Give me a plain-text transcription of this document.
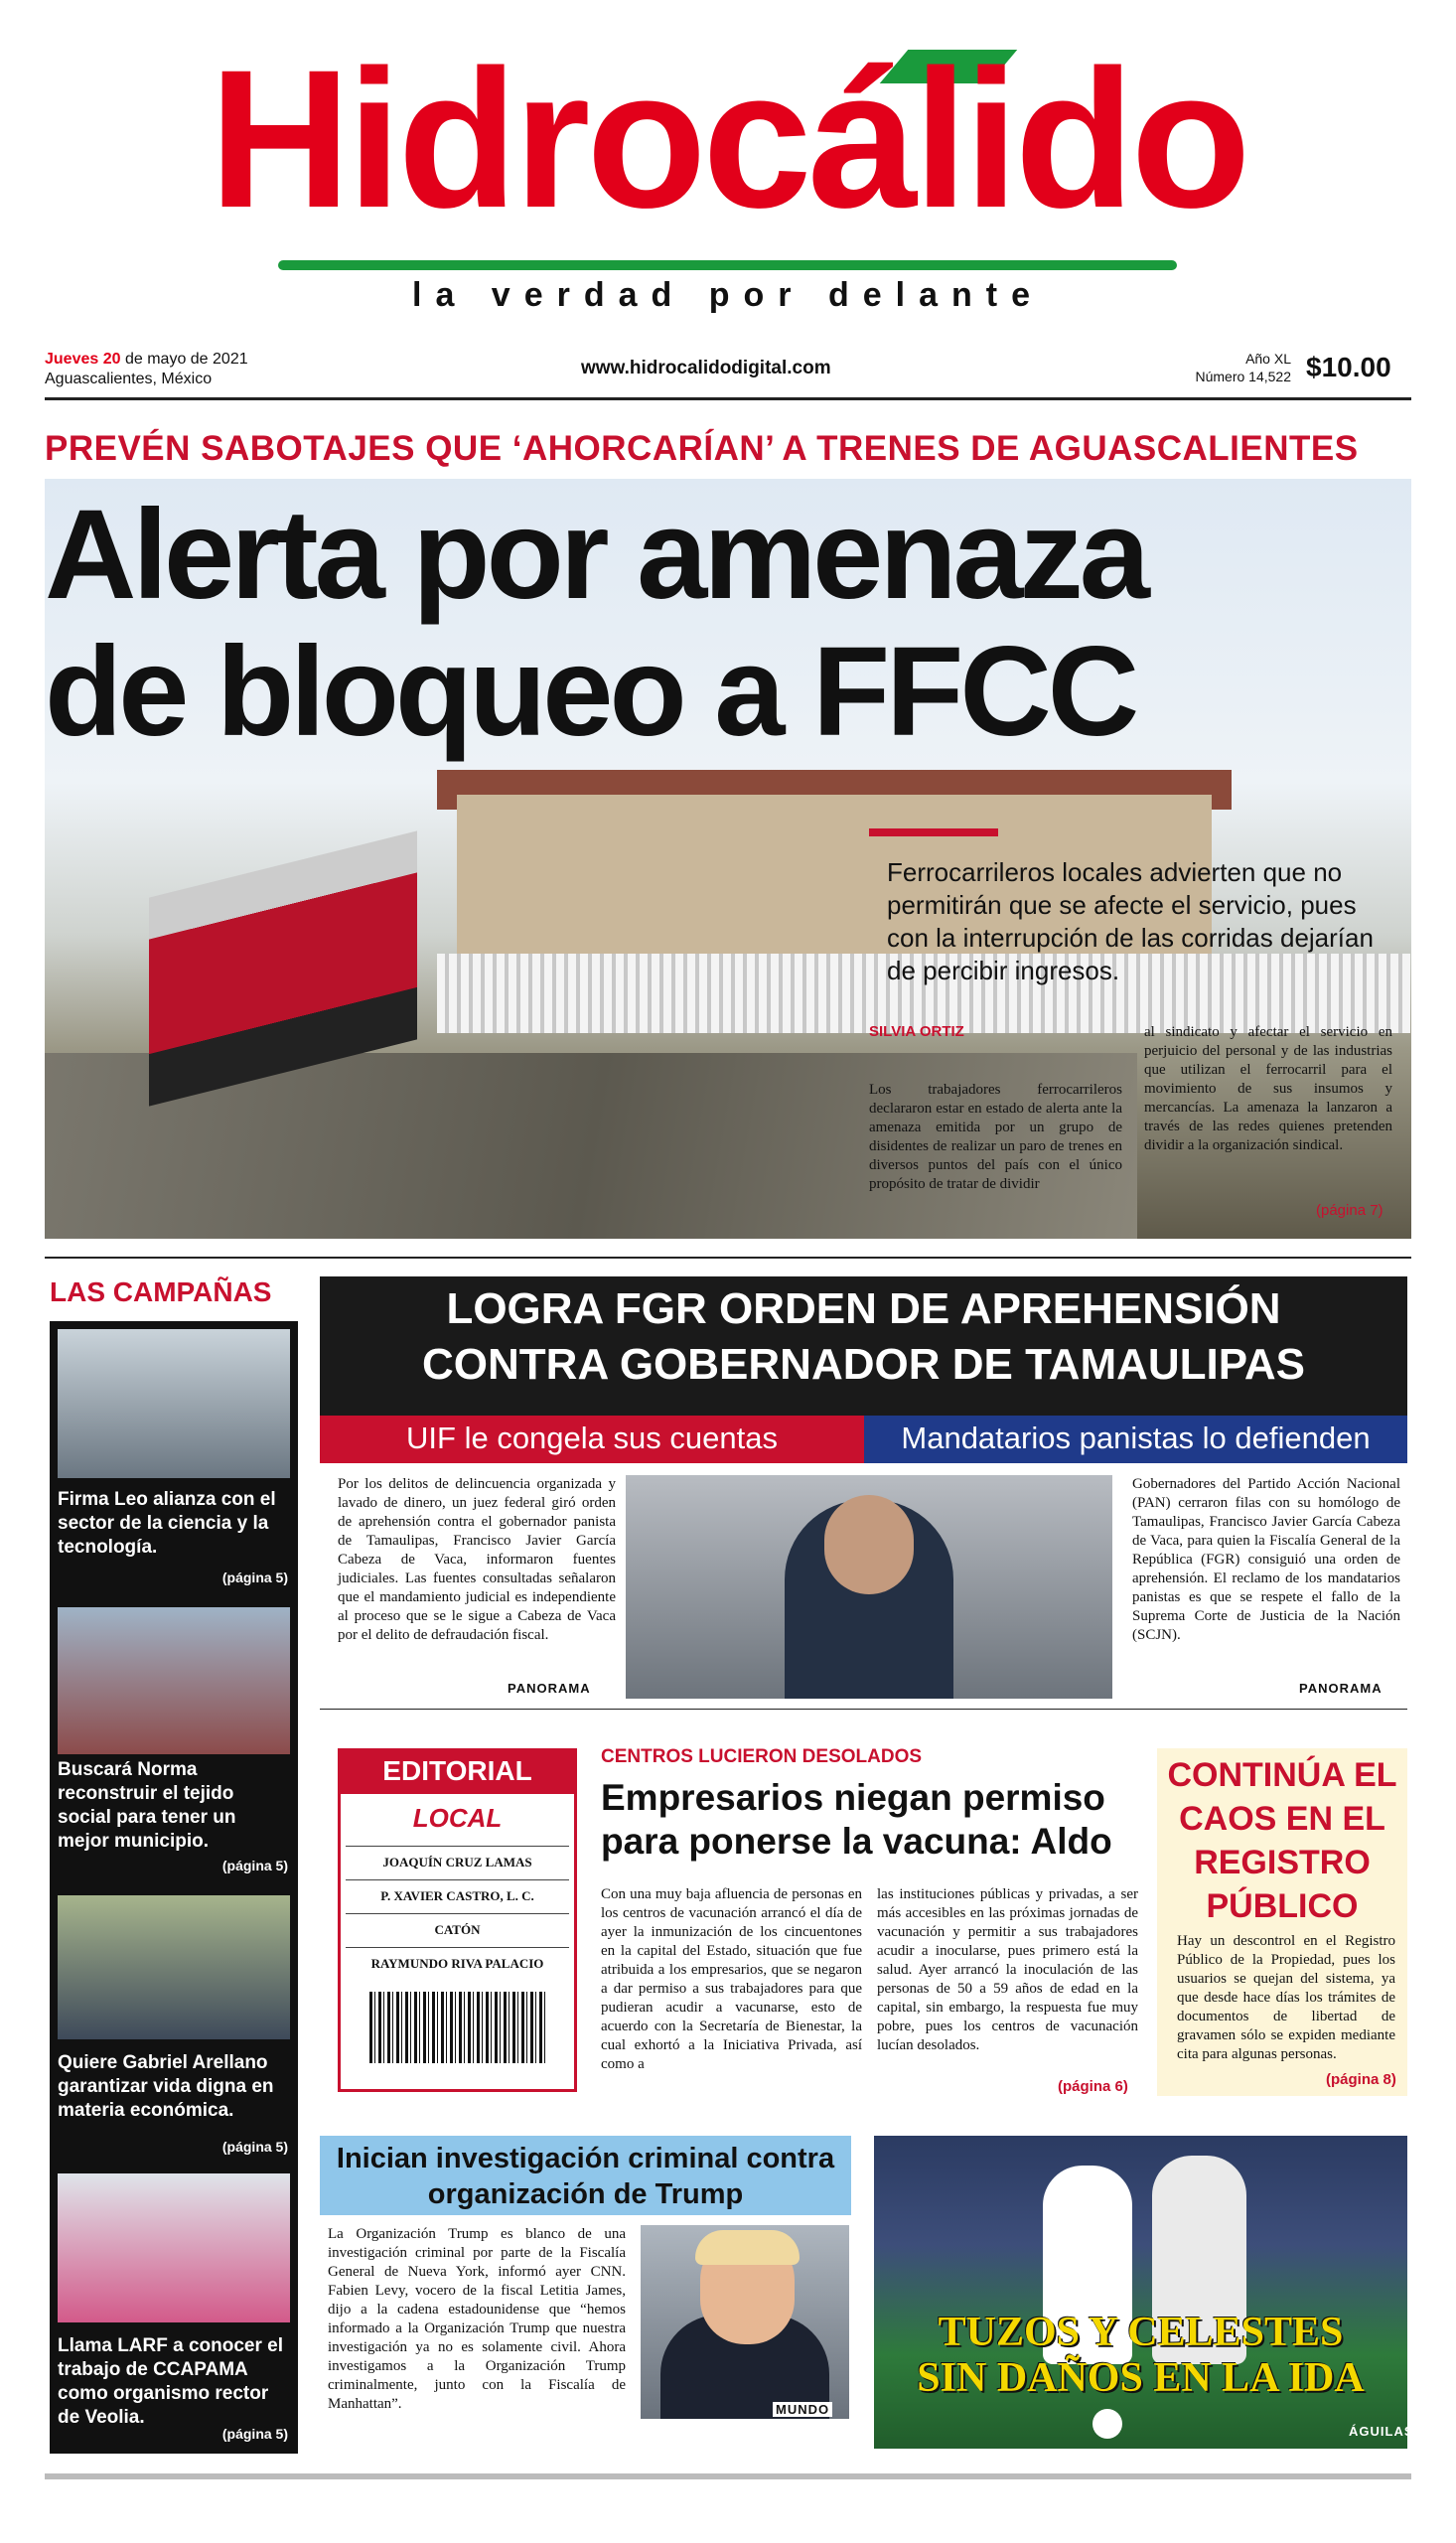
Hidrocálido
la verdad por delante
Jueves 20 de mayo de 2021
Aguascalientes, México
www.hidrocalidodigital.com	Año XL
Número 14,522 $10.00
PREVÉN SABOTAJES QUE ‘AHORCARÍAN’ A TRENES DE AGUASCALIENTES
Alerta por amenaza
de bloqueo a FFCC
Ferrocarrileros locales advierten que no permitirán que se afecte el servicio, pues con la interrupción de las corridas dejarían de percibir ingresos.
SILVIA ORTIZ
Los trabajadores ferrocarrileros declararon estar en estado de alerta ante la amenaza emitida por un grupo de disidentes de realizar un paro de trenes en diversos puntos del país con el único propósito de tratar de dividir
al sindicato y afectar el servicio en perjuicio del personal y de las industrias que utilizan el ferrocarril para el movimiento de sus insumos y mercancías. La amenaza la lanzaron a través de las redes quienes pretenden dividir a la organización sindical.
(página 7)
LAS CAMPAÑAS
Firma Leo alianza con el sector de la ciencia y la tecnología.
(página 5)
Buscará Norma reconstruir el tejido social para tener un mejor municipio.
(página 5)
Quiere Gabriel Arellano garantizar vida digna en materia económica.
(página 5)
Llama LARF a conocer el trabajo de CCAPAMA como organismo rector de Veolia.
(página 5)
LOGRA FGR ORDEN DE APREHENSIÓN
CONTRA GOBERNADOR DE TAMAULIPAS
UIF le congela sus cuentas	Mandatarios panistas lo defienden
Por los delitos de delincuencia organizada y lavado de dinero, un juez federal giró orden de aprehensión contra el gobernador panista de Tamaulipas, Francisco Javier García Cabeza de Vaca, informaron fuentes judiciales. Las fuentes consultadas señalaron que el mandamiento judicial es independiente al proceso que se le sigue a Cabeza de Vaca por el delito de defraudación fiscal.
Gobernadores del Partido Acción Nacional (PAN) cerraron filas con su homólogo de Tamaulipas, Francisco Javier García Cabeza de Vaca, para quien la Fiscalía General de la República (FGR) consiguió una orden de aprehensión. El reclamo de los mandatarios panistas es que se respete el fallo de la Suprema Corte de Justicia de la Nación (SCJN).
PANORAMA	PANORAMA
EDITORIAL
LOCAL
JOAQUÍN CRUZ LAMAS
P. XAVIER CASTRO, L. C.
CATÓN
RAYMUNDO RIVA PALACIO
CENTROS LUCIERON DESOLADOS
Empresarios niegan permiso para ponerse la vacuna: Aldo
Con una muy baja afluencia de personas en los centros de vacunación arrancó el día de ayer la inmunización de los cincuentones en la capital del Estado, situación que fue atribuida a los empresarios, que se negaron a dar permiso a sus trabajadores para que pudieran acudir a vacunarse, esto de acuerdo con la Secretaría de Bienestar, la cual exhortó a la Iniciativa Privada, así como a
las instituciones públicas y privadas, a ser más accesibles en las próximas jornadas de vacunación y permitir a sus trabajadores acudir a inocularse, pues primero está la salud. Ayer arrancó la inoculación de las personas de 50 a 59 años de edad en la capital, sin embargo, la respuesta fue muy pobre, pues los centros de vacunación lucían desolados.
(página 6)
CONTINÚA EL CAOS EN EL REGISTRO PÚBLICO
Hay un descontrol en el Registro Público de la Propiedad, pues los usuarios se quejan del sistema, ya que desde hace días los trámites de documentos de libertad de gravamen sólo se expiden mediante cita para algunas personas.
(página 8)
Inician investigación criminal contra organización de Trump
La Organización Trump es blanco de una investigación criminal por parte de la Fiscalía General de Nueva York, informó ayer CNN. Fabien Levy, vocero de la fiscal Letitia James, dijo a la cadena estadounidense que “hemos informado a la Organización Trump que nuestra investigación ya no es solamente civil. Ahora investigamos a la Organización Trump criminalmente, junto con la Fiscalía de Manhattan”.	MUNDO
TUZOS Y CELESTES
SIN DAÑOS EN LA IDA
ÁGUILAS
